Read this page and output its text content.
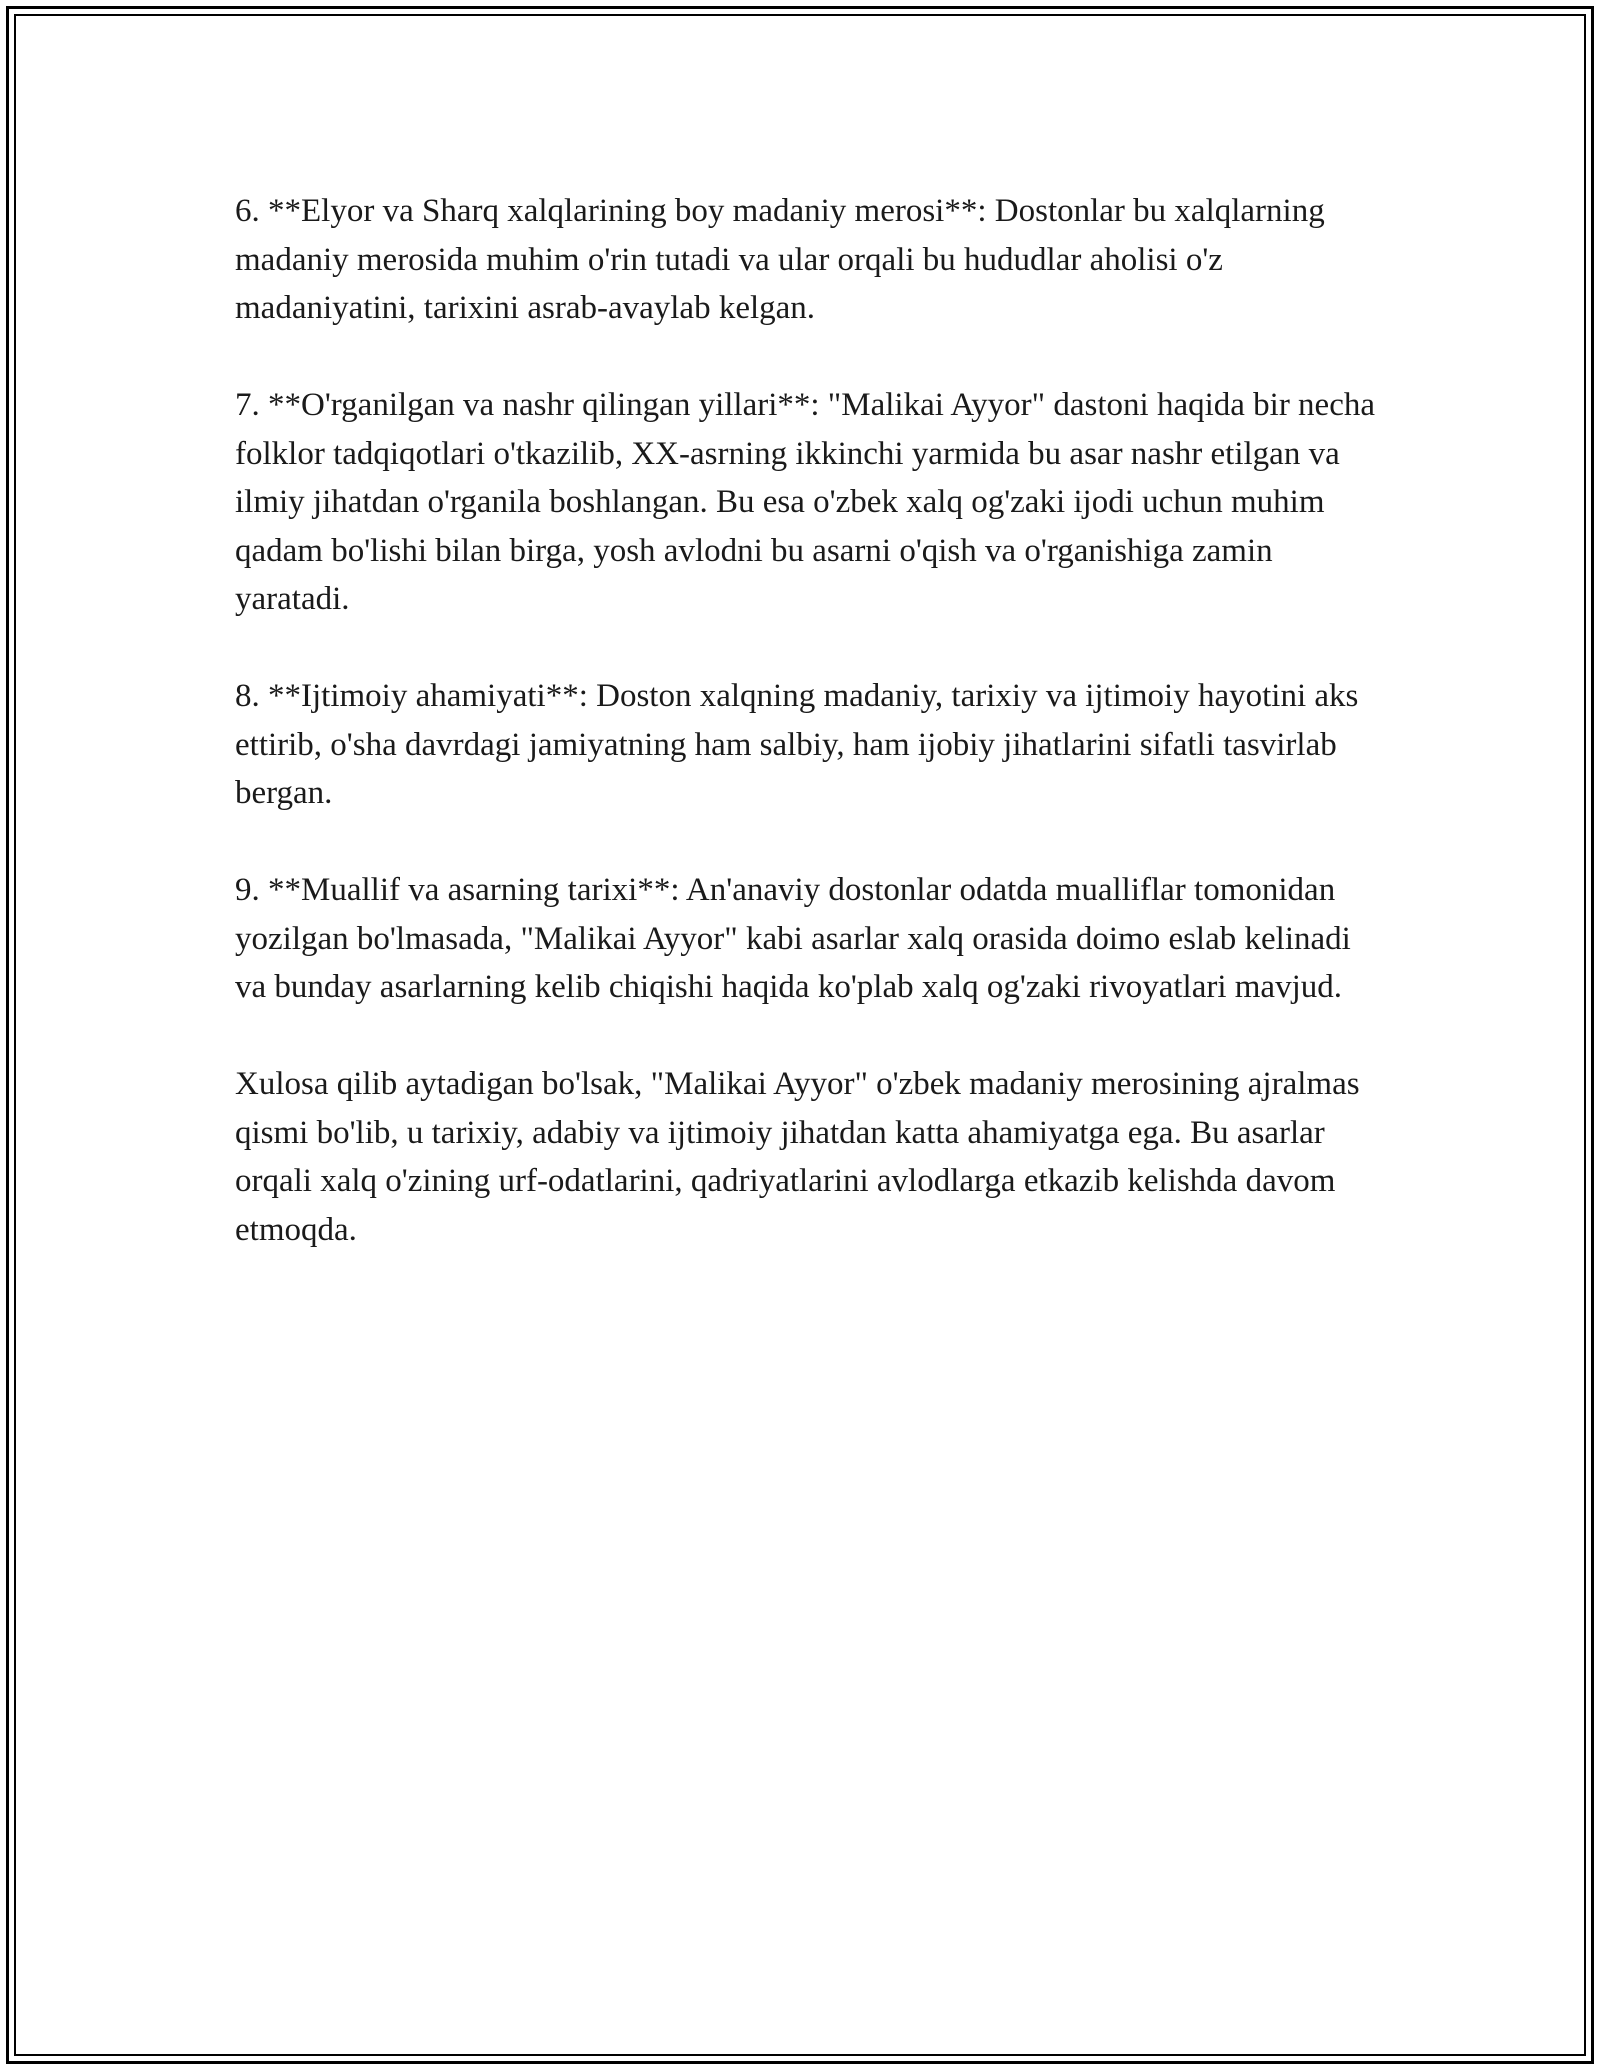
6. **Elyor va Sharq xalqlarining boy madaniy merosi**: Dostonlar bu xalqlarning madaniy merosida muhim o'rin tutadi va ular orqali bu hududlar aholisi o'z madaniyatini, tarixini asrab-avaylab kelgan.

7. **O'rganilgan va nashr qilingan yillari**: "Malikai Ayyor" dastoni haqida bir necha folklor tadqiqotlari o'tkazilib, XX-asrning ikkinchi yarmida bu asar nashr etilgan va ilmiy jihatdan o'rganila boshlangan. Bu esa o'zbek xalq og'zaki ijodi uchun muhim qadam bo'lishi bilan birga, yosh avlodni bu asarni o'qish va o'rganishiga zamin yaratadi.

8. **Ijtimoiy ahamiyati**: Doston xalqning madaniy, tarixiy va ijtimoiy hayotini aks ettirib, o'sha davrdagi jamiyatning ham salbiy, ham ijobiy jihatlarini sifatli tasvirlab bergan.

9. **Muallif va asarning tarixi**: An'anaviy dostonlar odatda mualliflar tomonidan yozilgan bo'lmasada, "Malikai Ayyor" kabi asarlar xalq orasida doimo eslab kelinadi va bunday asarlarning kelib chiqishi haqida ko'plab xalq og'zaki rivoyatlari mavjud.

Xulosa qilib aytadigan bo'lsak, "Malikai Ayyor" o'zbek madaniy merosining ajralmas qismi bo'lib, u tarixiy, adabiy va ijtimoiy jihatdan katta ahamiyatga ega. Bu asarlar orqali xalq o'zining urf-odatlarini, qadriyatlarini avlodlarga etkazib kelishda davom etmoqda.
